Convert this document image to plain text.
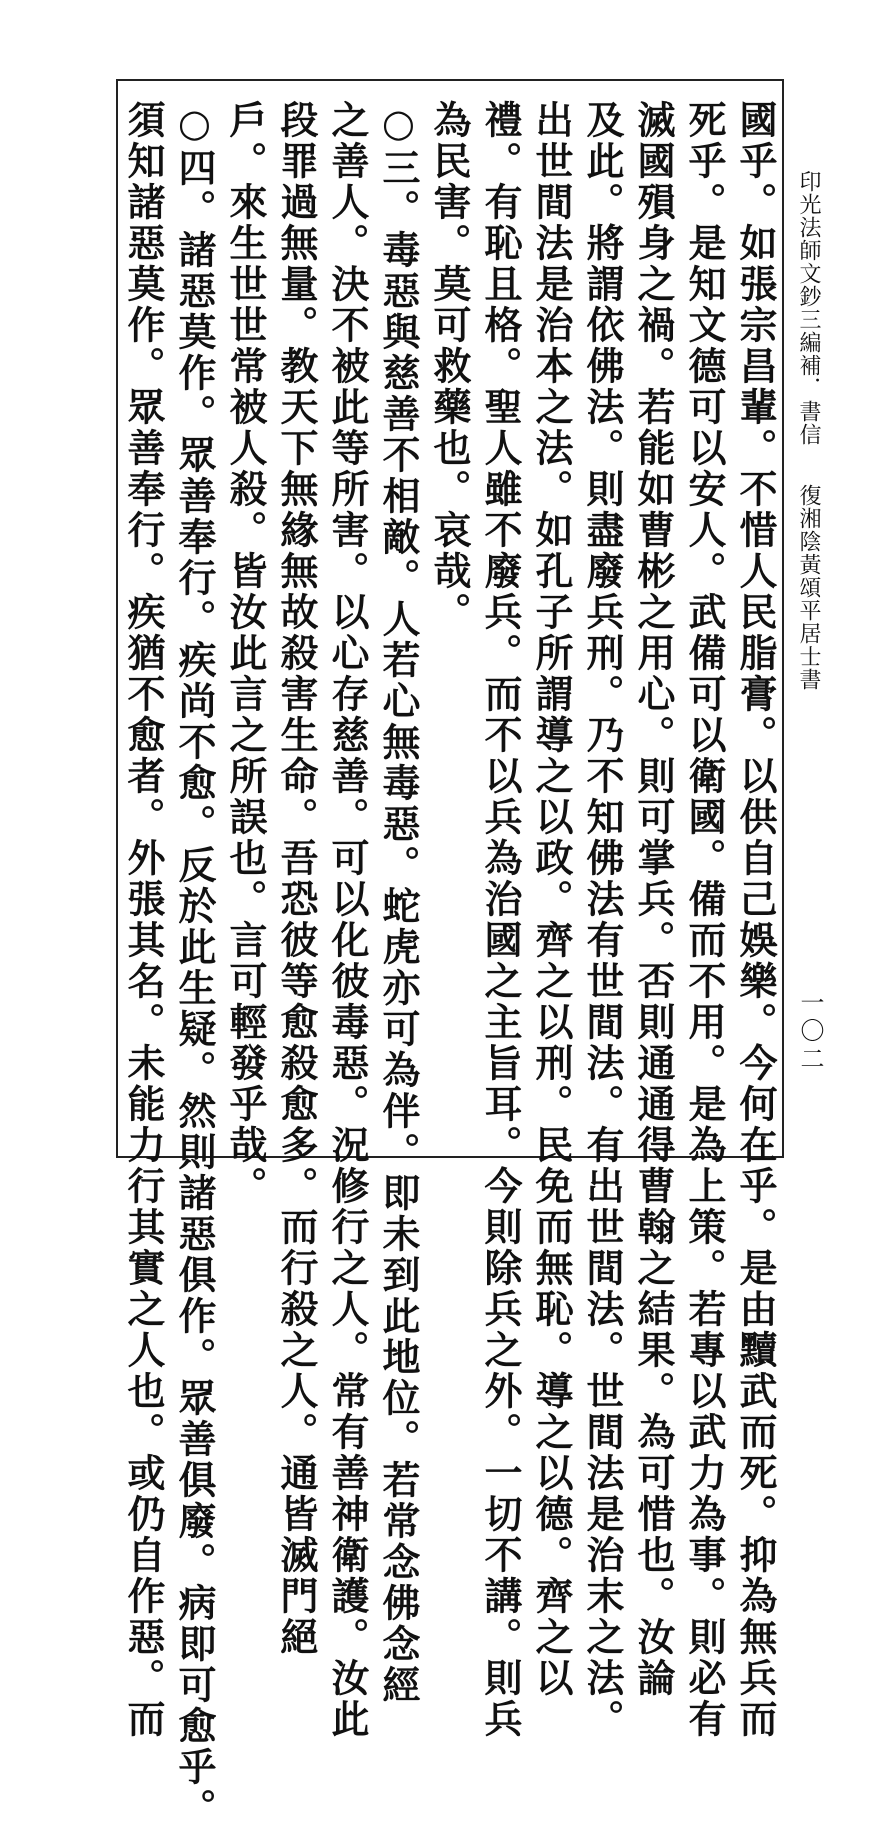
印光法師文鈔三編補．書信復湘陰黃頌平居士書
國乎。如張宗昌輩。不惜人民脂膏。以供自己娛樂。今何在乎。是由黷武而死。抑為無兵而
死乎。是知文德可以安人。武備可以衛國。備而不用。是為上策。若專以武力為事。則必有
滅國殞身之禍。若能如曹彬之用心。則可掌兵。否則通通得曹翰之結果。為可惜也。汝論
及此。將謂依佛法。則盡廢兵刑。乃不知佛法有世間法。有出世間法。世間法是治末之法。
出世間法是治本之法。如孔子所謂導之以政。齊之以刑。民免而無恥。導之以德。齊之以
禮。有恥且格。聖人雖不廢兵。而不以兵為治國之主旨耳。今則除兵之外。一切不講。則兵
為民害。莫可救藥也。哀哉。
○三。毒惡與慈善不相敵。人若心無毒惡。蛇虎亦可為伴。即未到此地位。若常念佛念經
之善人。決不被此等所害。以心存慈善。可以化彼毒惡。況修行之人。常有善神衛護。汝此
段罪過無量。教天下無緣無故殺害生命。吾恐彼等愈殺愈多。而行殺之人。通皆滅門絕
戶。來生世世常被人殺。皆汝此言之所誤也。言可輕發乎哉。
○四。諸惡莫作。眾善奉行。疾尚不愈。反於此生疑。然則諸惡俱作。眾善俱廢。病即可愈乎。
須知諸惡莫作。眾善奉行。疾猶不愈者。外張其名。未能力行其實之人也。或仍自作惡。而	一〇二
